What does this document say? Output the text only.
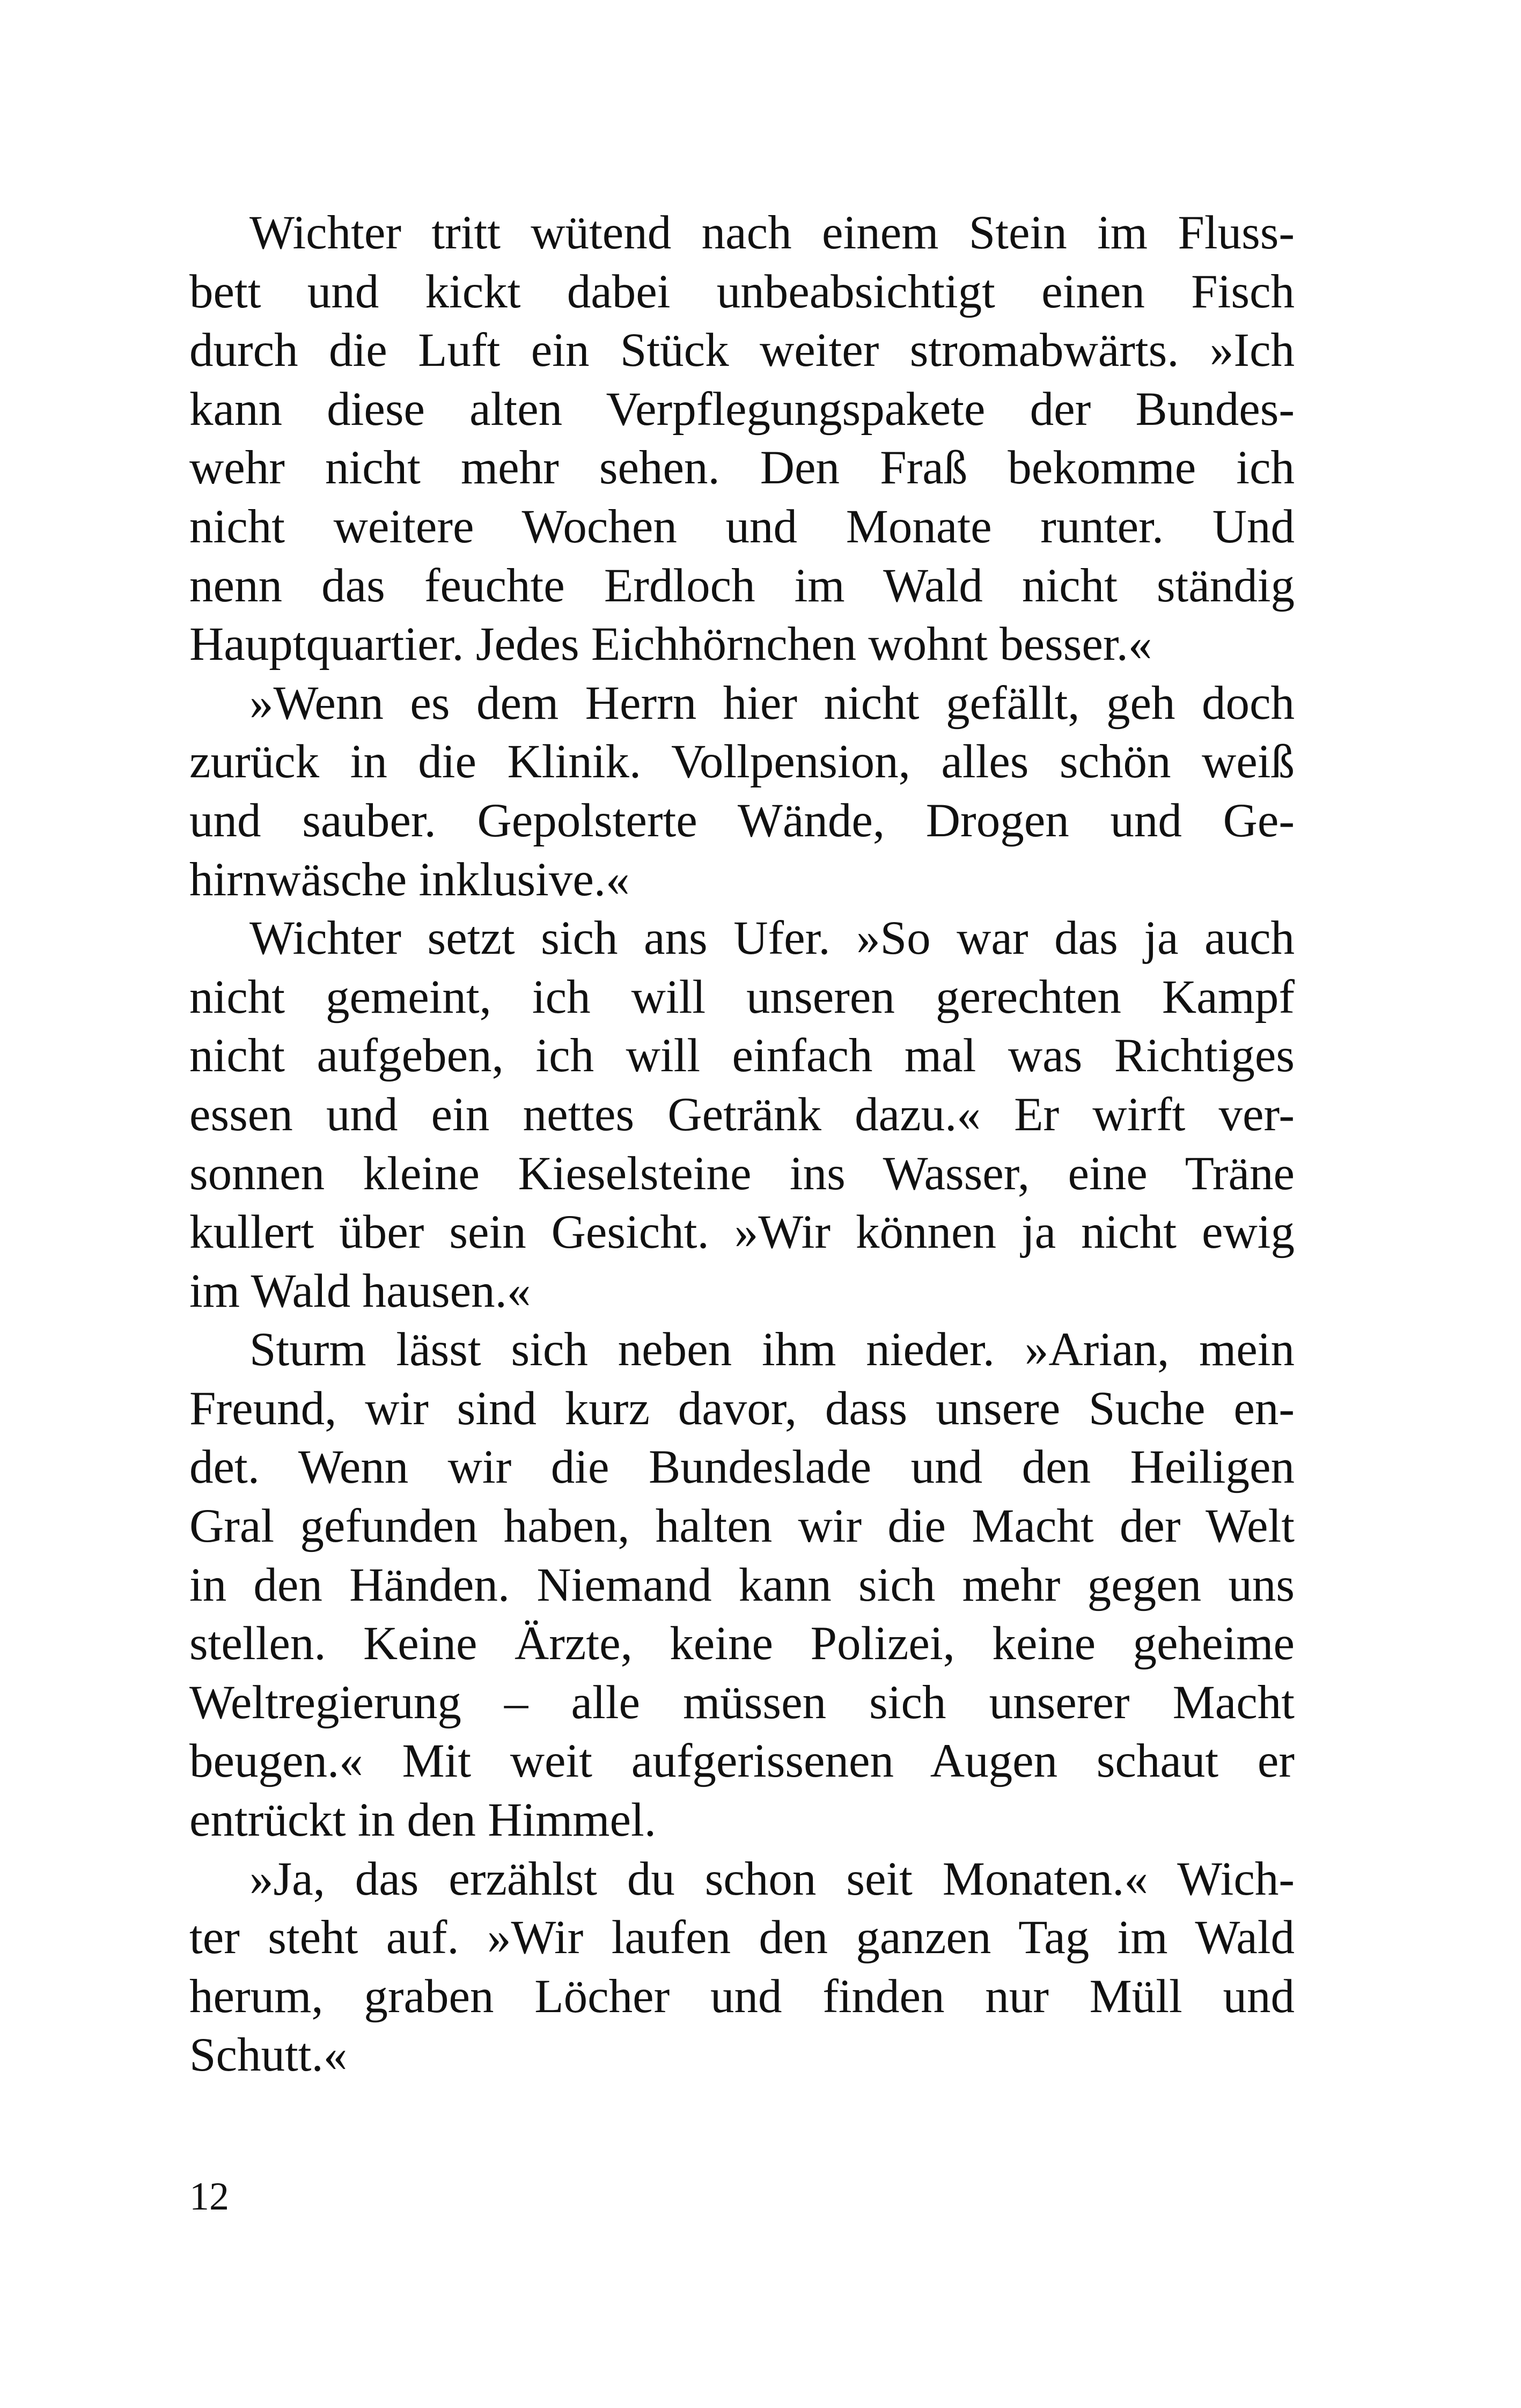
Wichter tritt wütend nach einem Stein im Fluss-
bett und kickt dabei unbeabsichtigt einen Fisch
durch die Luft ein Stück weiter stromabwärts. »Ich
kann diese alten Verpflegungspakete der Bundes-
wehr nicht mehr sehen. Den Fraß bekomme ich
nicht weitere Wochen und Monate runter. Und
nenn das feuchte Erdloch im Wald nicht ständig
Hauptquartier. Jedes Eichhörnchen wohnt besser.«
»Wenn es dem Herrn hier nicht gefällt, geh doch
zurück in die Klinik. Vollpension, alles schön weiß
und sauber. Gepolsterte Wände, Drogen und Ge-
hirnwäsche inklusive.«
Wichter setzt sich ans Ufer. »So war das ja auch
nicht gemeint, ich will unseren gerechten Kampf
nicht aufgeben, ich will einfach mal was Richtiges
essen und ein nettes Getränk dazu.« Er wirft ver-
sonnen kleine Kieselsteine ins Wasser, eine Träne
kullert über sein Gesicht. »Wir können ja nicht ewig
im Wald hausen.«
Sturm lässt sich neben ihm nieder. »Arian, mein
Freund, wir sind kurz davor, dass unsere Suche en-
det. Wenn wir die Bundeslade und den Heiligen
Gral gefunden haben, halten wir die Macht der Welt
in den Händen. Niemand kann sich mehr gegen uns
stellen. Keine Ärzte, keine Polizei, keine geheime
Weltregierung – alle müssen sich unserer Macht
beugen.« Mit weit aufgerissenen Augen schaut er
entrückt in den Himmel.
»Ja, das erzählst du schon seit Monaten.« Wich-
ter steht auf. »Wir laufen den ganzen Tag im Wald
herum, graben Löcher und finden nur Müll und
Schutt.«
12
